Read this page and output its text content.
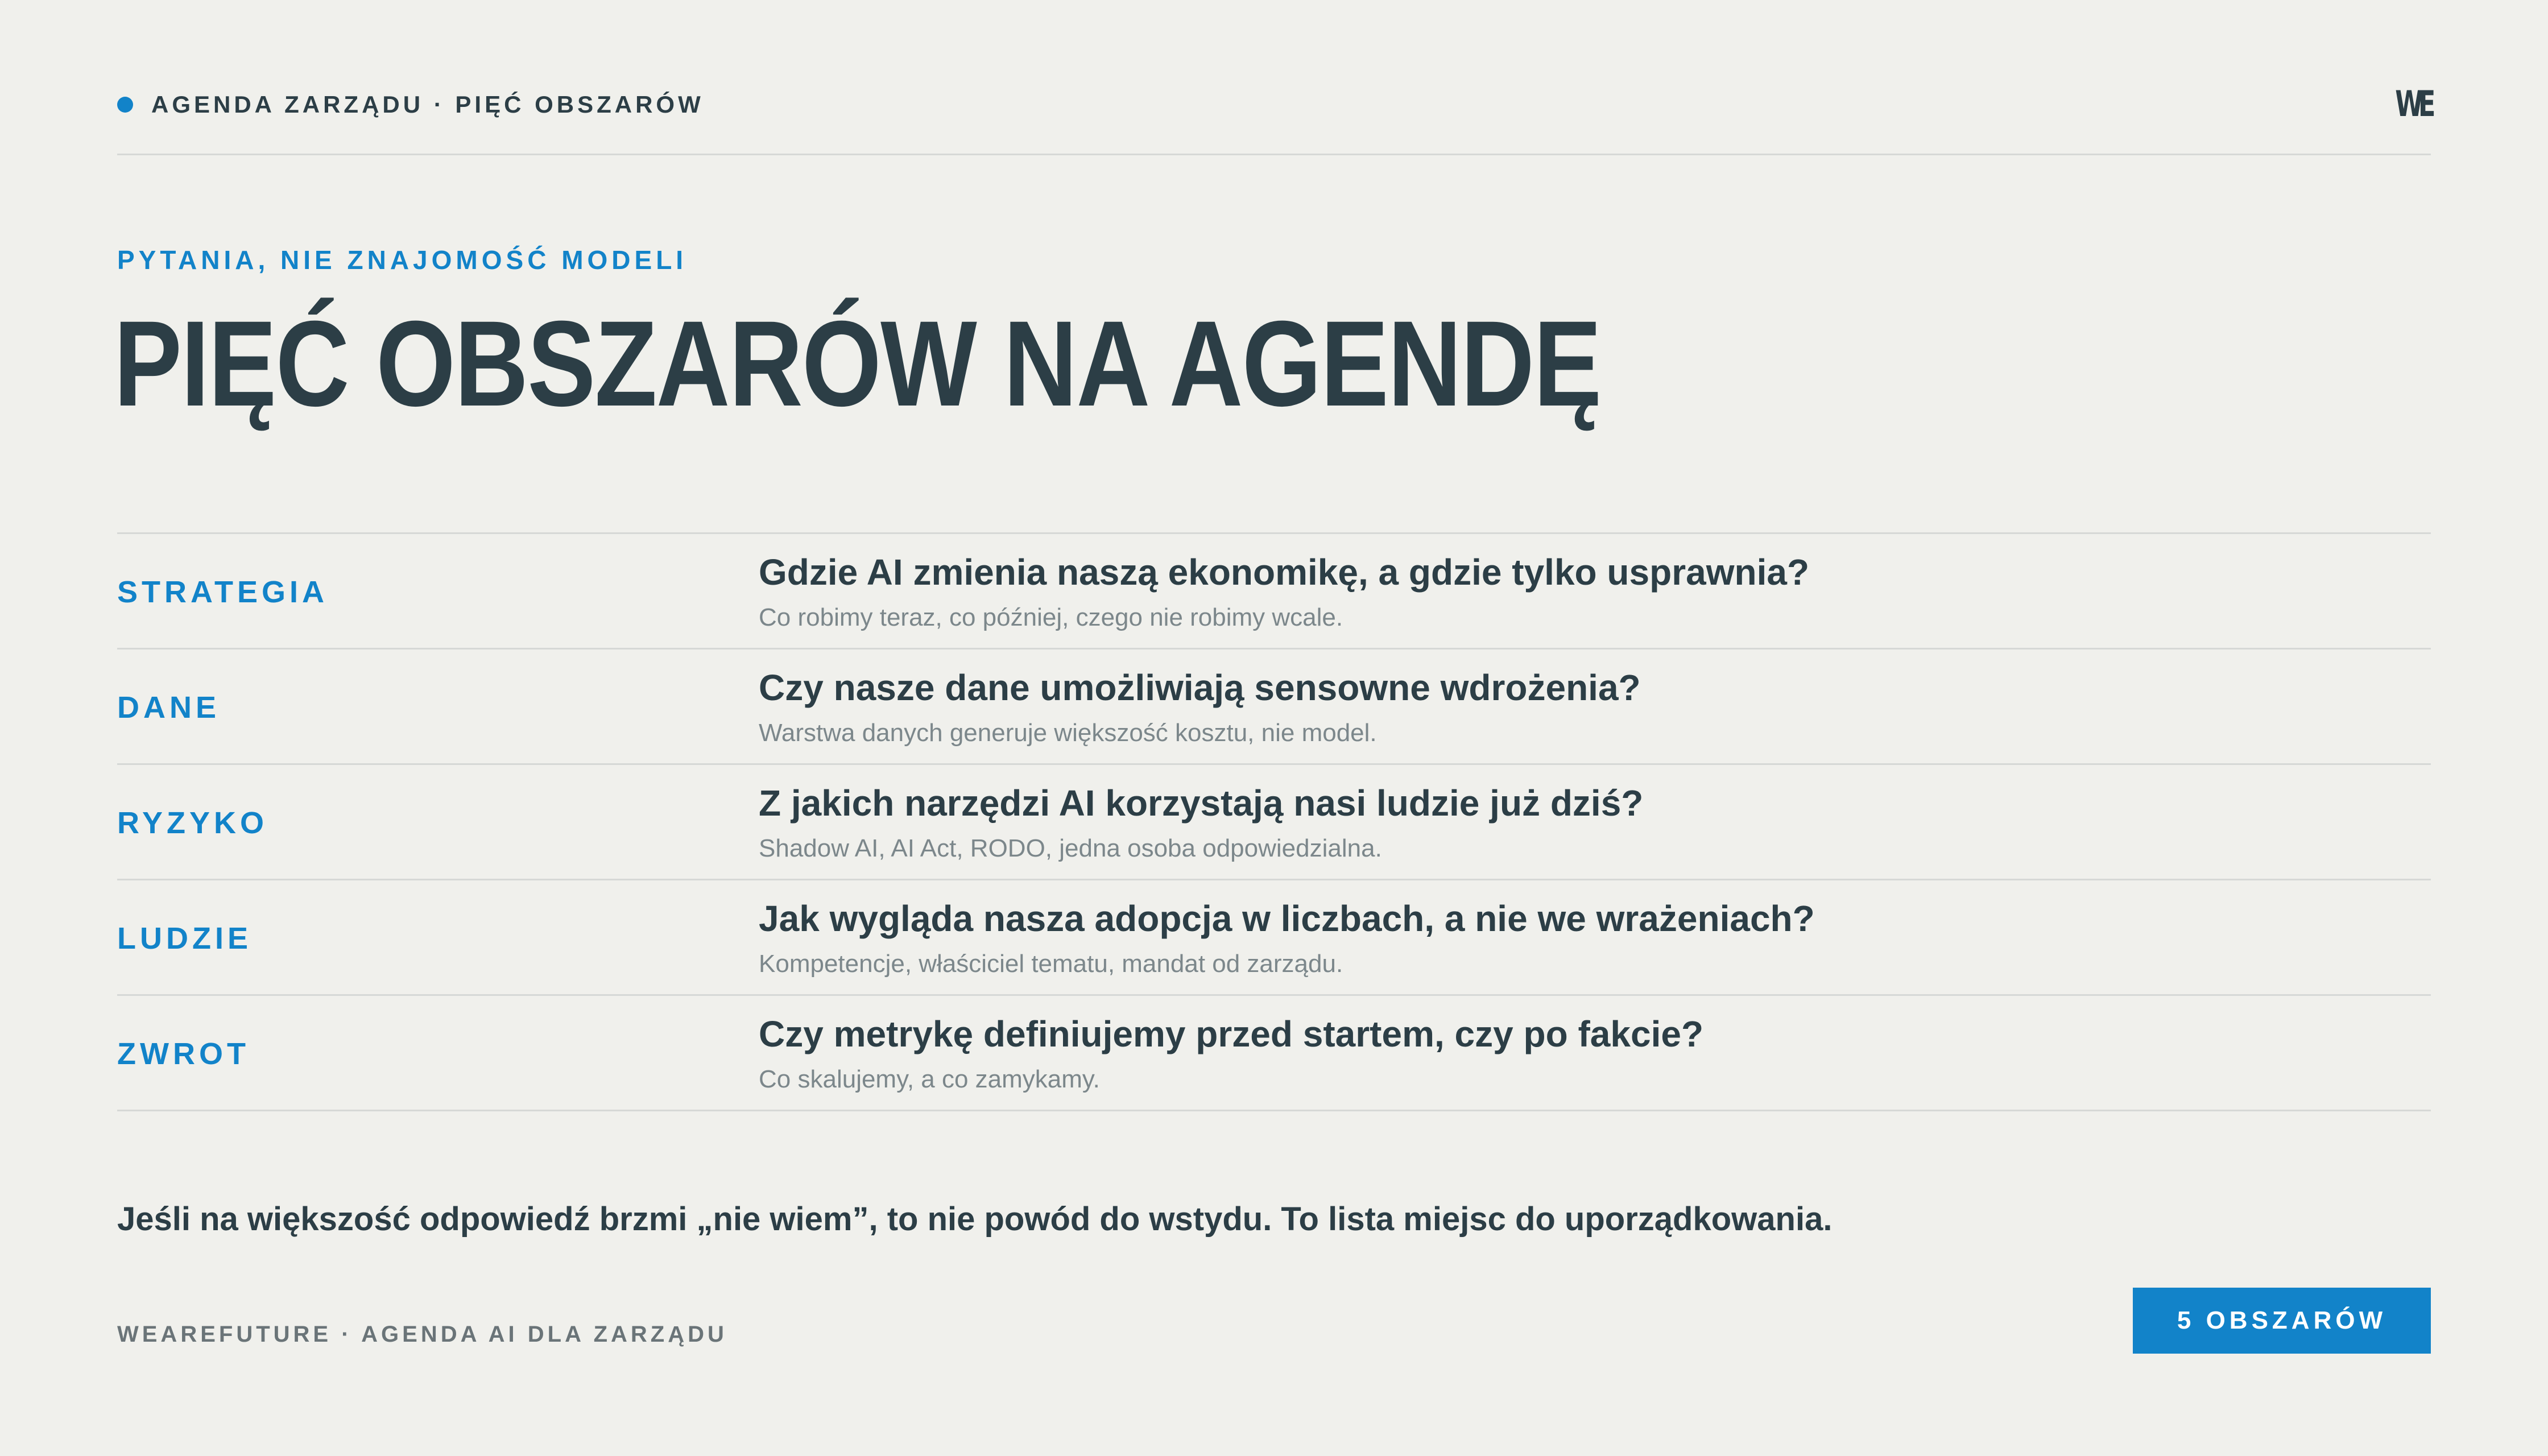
AGENDA ZARZĄDU · PIĘĆ OBSZARÓW	WE
PYTANIA, NIE ZNAJOMOŚĆ MODELI
PIĘĆ OBSZARÓW NA AGENDĘ
STRATEGIA	Gdzie AI zmienia naszą ekonomikę, a gdzie tylko usprawnia?
Co robimy teraz, co później, czego nie robimy wcale.
DANE	Czy nasze dane umożliwiają sensowne wdrożenia?
Warstwa danych generuje większość kosztu, nie model.
RYZYKO	Z jakich narzędzi AI korzystają nasi ludzie już dziś?
Shadow AI, AI Act, RODO, jedna osoba odpowiedzialna.
LUDZIE	Jak wygląda nasza adopcja w liczbach, a nie we wrażeniach?
Kompetencje, właściciel tematu, mandat od zarządu.
ZWROT	Czy metrykę definiujemy przed startem, czy po fakcie?
Co skalujemy, a co zamykamy.
Jeśli na większość odpowiedź brzmi „nie wiem”, to nie powód do wstydu. To lista miejsc do uporządkowania.
WEAREFUTURE · AGENDA AI DLA ZARZĄDU	5 OBSZARÓW
